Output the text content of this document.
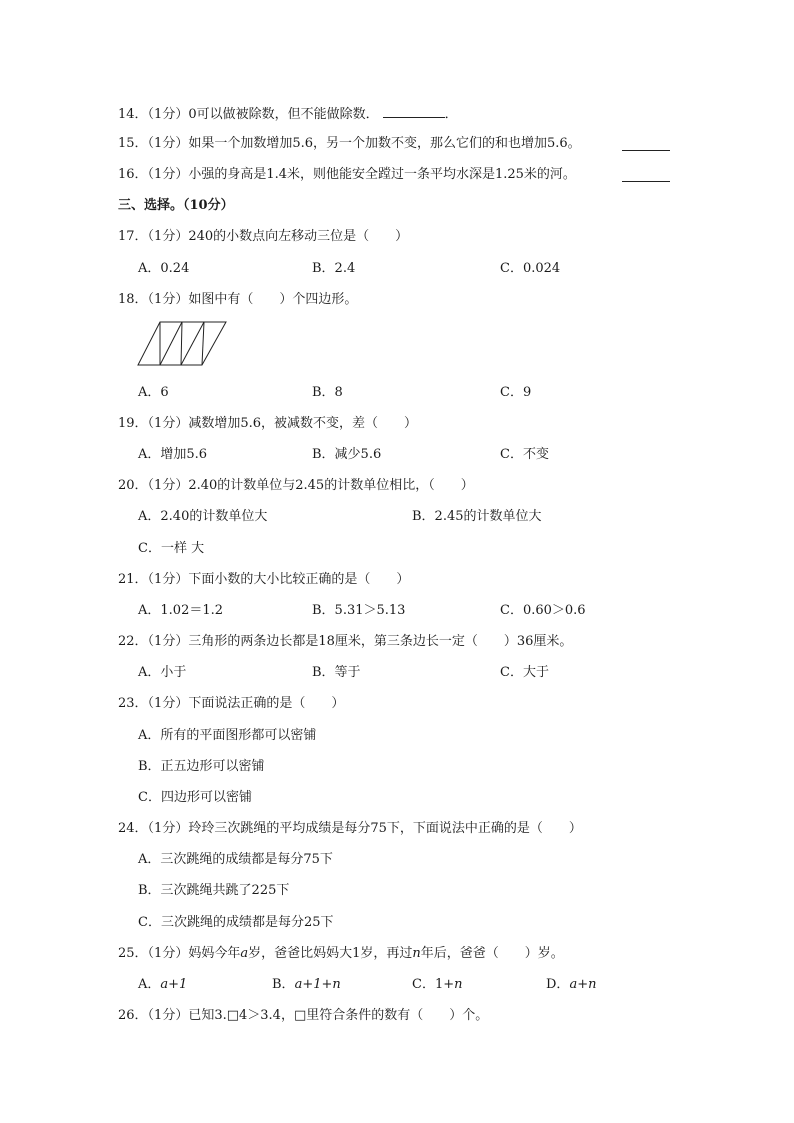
14．（1分）0可以做被除数，但不能做除数．	．
15．（1分）如果一个加数增加5.6，另一个加数不变，那么它们的和也增加5.6。
16．（1分）小强的身高是1.4米，则他能安全蹚过一条平均水深是1.25米的河。
三、选择。（10分）
17．（1分）240的小数点向左移动三位是（　　）
A．0.24	B．2.4	C．0.024
18．（1分）如图中有（　　）个四边形。
A．6	B．8	C．9
19．（1分）减数增加5.6，被减数不变，差（　　）
A．增加5.6	B．减少5.6	C．不变
20．（1分）2.40的计数单位与2.45的计数单位相比，（　　）
A．2.40的计数单位大	B．2.45的计数单位大
C．一样 大
21．（1分）下面小数的大小比较正确的是（　　）
A．1.02＝1.2	B．5.31＞5.13	C．0.60＞0.6
22．（1分）三角形的两条边长都是18厘米，第三条边长一定（　　）36厘米。
A．小于	B．等于	C．大于
23．（1分）下面说法正确的是（　　）
A．所有的平面图形都可以密铺
B．正五边形可以密铺
C．四边形可以密铺
24．（1分）玲玲三次跳绳的平均成绩是每分75下，下面说法中正确的是（　　）
A．三次跳绳的成绩都是每分75下
B．三次跳绳共跳了225下
C．三次跳绳的成绩都是每分25下
25．（1分）妈妈今年a岁，爸爸比妈妈大1岁，再过n年后，爸爸（　　）岁。
A．a+1	B．a+1+n	C．1+n	D．a+n
26．（1分）已知3.□4＞3.4，□里符合条件的数有（　　）个。
